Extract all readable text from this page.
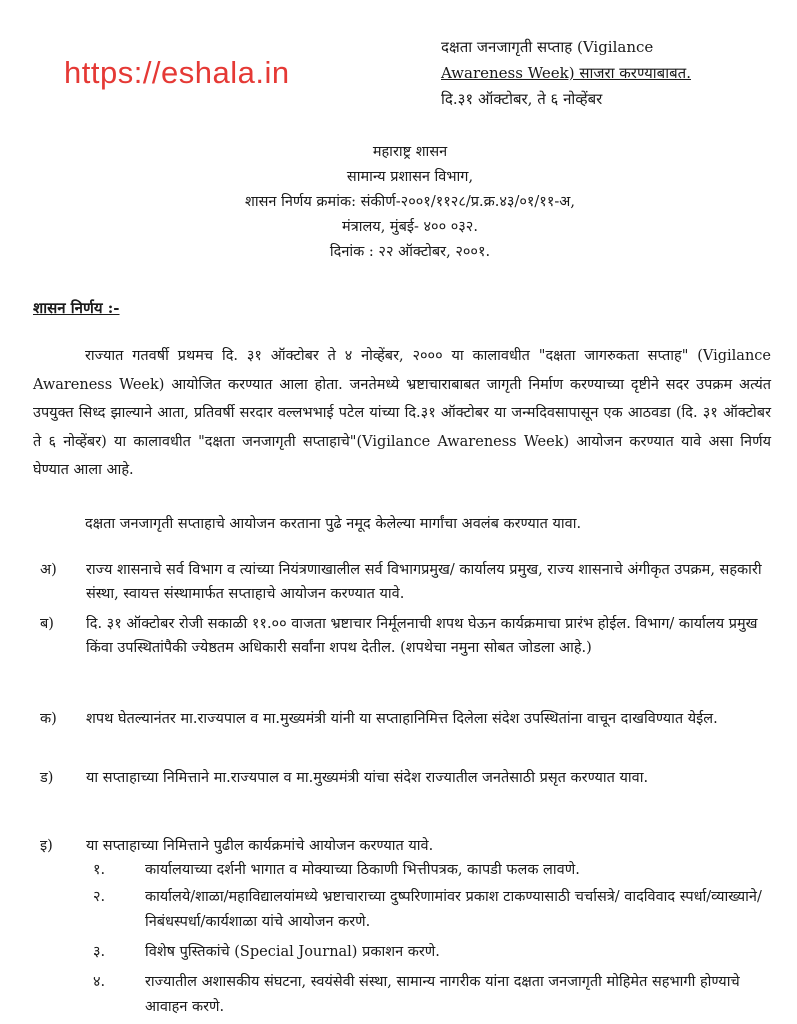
https://eshala.in
दक्षता जनजागृती सप्ताह (Vigilance
Awareness Week) साजरा करण्याबाबत.
दि.३१ ऑक्टोबर, ते ६ नोव्हेंबर
महाराष्ट्र शासन
सामान्य प्रशासन विभाग,
शासन निर्णय क्रमांक: संकीर्ण-२००१/११२८/प्र.क्र.४३/०१/११-अ,
मंत्रालय, मुंबई- ४०० ०३२.
दिनांक : २२ ऑक्टोबर, २००१.
शासन निर्णय :-
राज्यात गतवर्षी प्रथमच दि. ३१ ऑक्टोबर ते ४ नोव्हेंबर, २००० या कालावधीत "दक्षता जागरुकता सप्ताह" (Vigilance Awareness Week) आयोजित करण्यात आला होता. जनतेमध्ये भ्रष्टाचाराबाबत जागृती निर्माण करण्याच्या दृष्टीने सदर उपक्रम अत्यंत उपयुक्त सिध्द झाल्याने आता, प्रतिवर्षी सरदार वल्लभभाई पटेल यांच्या दि.३१ ऑक्टोबर या जन्मदिवसापासून एक आठवडा (दि. ३१ ऑक्टोबर ते ६ नोव्हेंबर) या कालावधीत "दक्षता जनजागृती सप्ताहाचे"(Vigilance Awareness Week) आयोजन करण्यात यावे असा निर्णय घेण्यात आला आहे.
दक्षता जनजागृती सप्ताहाचे आयोजन करताना पुढे नमूद केलेल्या मार्गांचा अवलंब करण्यात यावा.
अ) राज्य शासनाचे सर्व विभाग व त्यांच्या नियंत्रणाखालील सर्व विभागप्रमुख/ कार्यालय प्रमुख, राज्य शासनाचे अंगीकृत उपक्रम, सहकारी संस्था, स्वायत्त संस्थामार्फत सप्ताहाचे आयोजन करण्यात यावे.
ब) दि. ३१ ऑक्टोबर रोजी सकाळी ११.०० वाजता भ्रष्टाचार निर्मूलनाची शपथ घेऊन कार्यक्रमाचा प्रारंभ होईल. विभाग/ कार्यालय प्रमुख किंवा उपस्थितांपैकी ज्येष्ठतम अधिकारी सर्वांना शपथ देतील. (शपथेचा नमुना सोबत जोडला आहे.)
क) शपथ घेतल्यानंतर मा.राज्यपाल व मा.मुख्यमंत्री यांनी या सप्ताहानिमित्त दिलेला संदेश उपस्थितांना वाचून दाखविण्यात येईल.
ड) या सप्ताहाच्या निमित्ताने मा.राज्यपाल व मा.मुख्यमंत्री यांचा संदेश राज्यातील जनतेसाठी प्रसृत करण्यात यावा.
इ) या सप्ताहाच्या निमित्ताने पुढील कार्यक्रमांचे आयोजन करण्यात यावे.
१.	कार्यालयाच्या दर्शनी भागात व मोक्याच्या ठिकाणी भित्तीपत्रक, कापडी फलक लावणे.
२.	कार्यालये/शाळा/महाविद्यालयांमध्ये भ्रष्टाचाराच्या दुष्परिणामांवर प्रकाश टाकण्यासाठी चर्चासत्रे/ वादविवाद स्पर्धा/व्याख्याने/निबंधस्पर्धा/कार्यशाळा यांचे आयोजन करणे.
३.	विशेष पुस्तिकांचे (Special Journal) प्रकाशन करणे.
४.	राज्यातील अशासकीय संघटना, स्वयंसेवी संस्था, सामान्य नागरीक यांना दक्षता जनजागृती मोहिमेत सहभागी होण्याचे आवाहन करणे.
